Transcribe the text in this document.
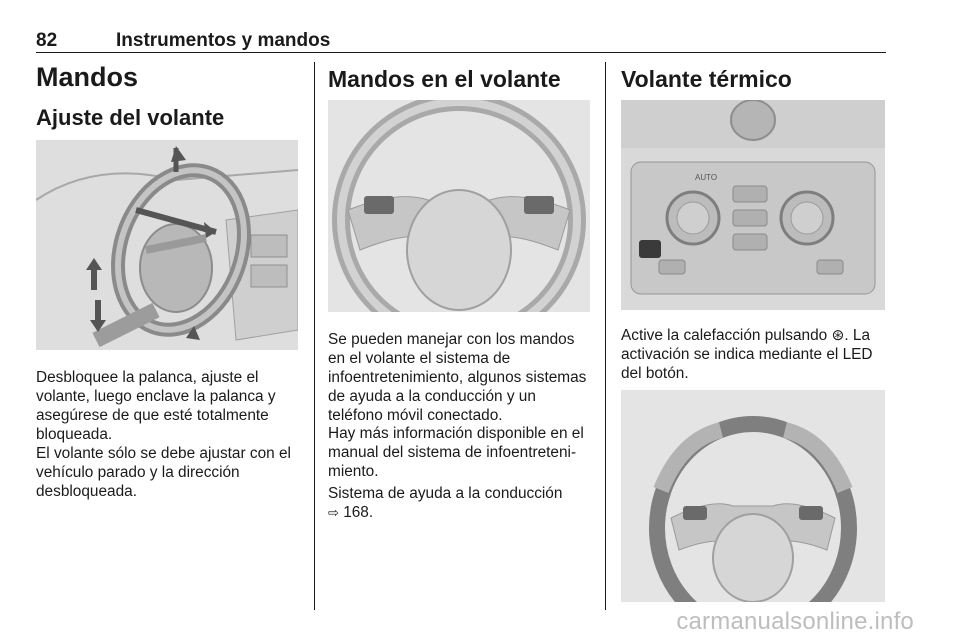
82	Instrumentos y mandos
Mandos
Ajuste del volante

Desbloquee la palanca, ajuste el volante, luego enclave la palanca y asegúrese de que esté totalmente bloqueada.

El volante sólo se debe ajustar con el vehículo parado y la dirección desbloqueada.

Mandos en el volante

Se pueden manejar con los mandos en el volante el sistema de infoentretenimiento, algunos sistemas de ayuda a la conducción y un teléfono móvil conectado.

Hay más información disponible en el manual del sistema de infoentretenimiento.

Sistema de ayuda a la conducción
⇨ 168.

Volante térmico
AUTO

Active la calefacción pulsando ⊛. La activación se indica mediante el LED del botón.

carmanualsonline.info
